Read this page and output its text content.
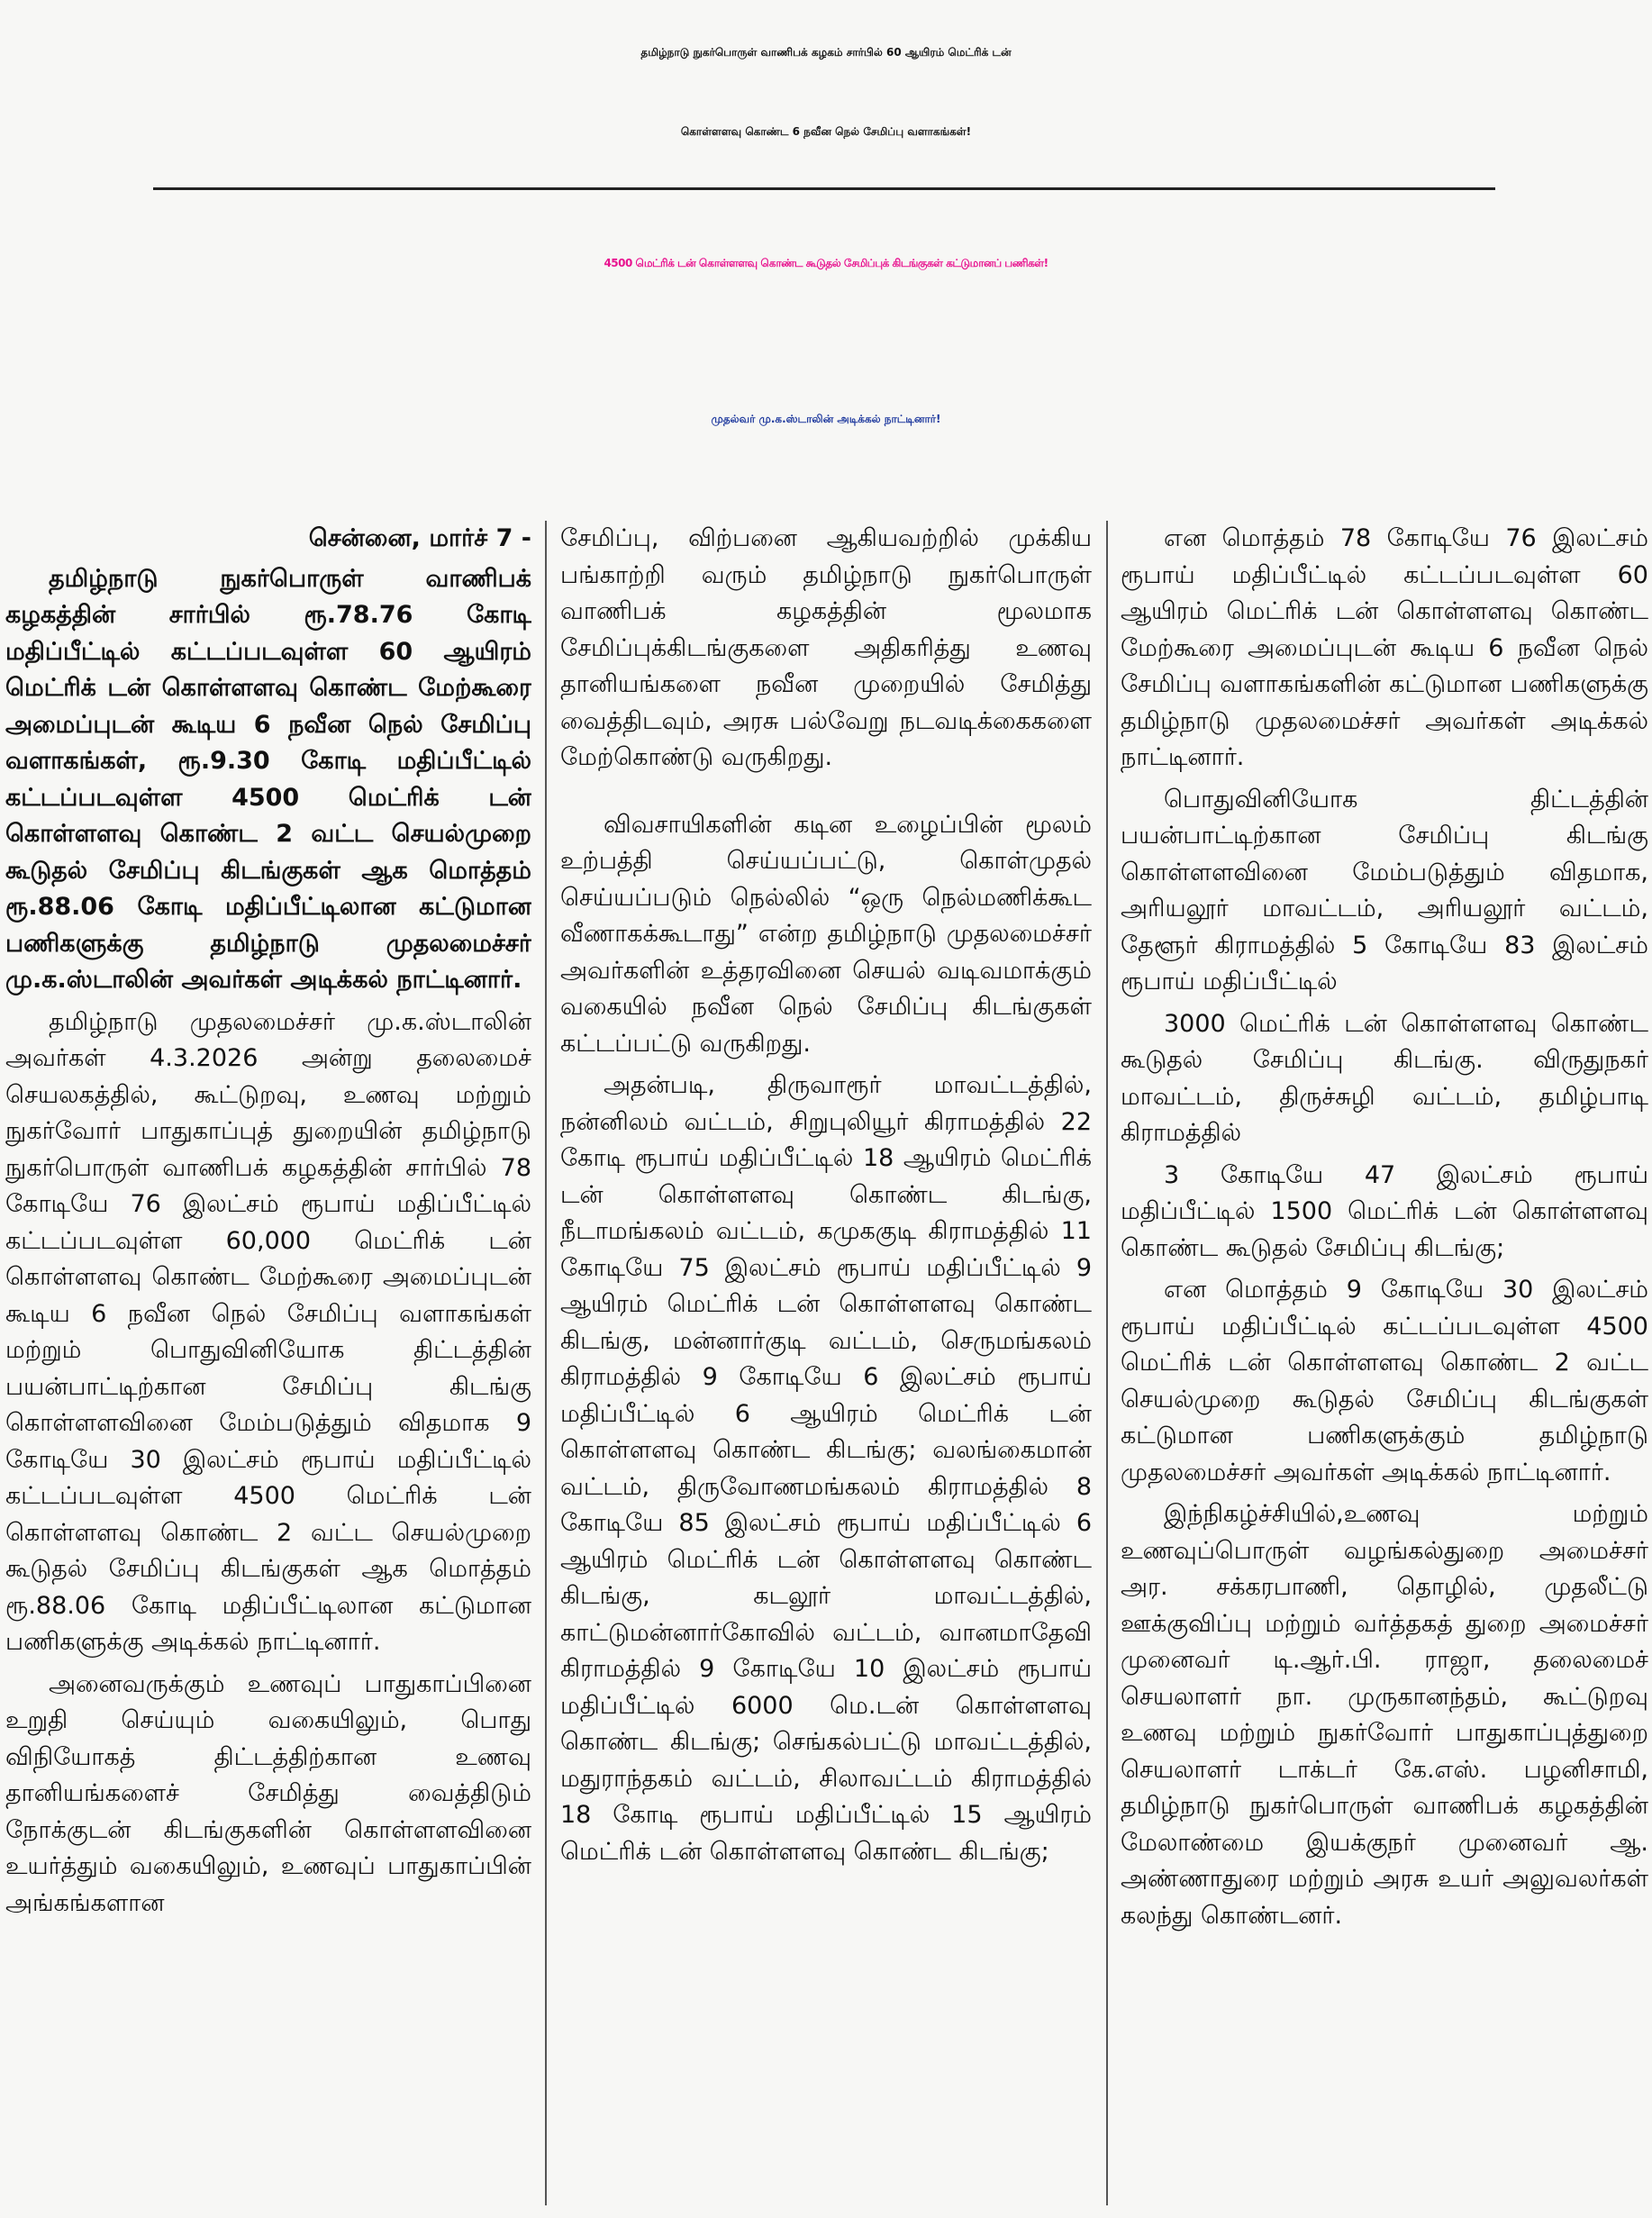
தமிழ்நாடு நுகர்பொருள் வாணிபக் கழகம் சார்பில் 60 ஆயிரம் மெட்ரிக் டன்
கொள்ளளவு கொண்ட 6 நவீன நெல் சேமிப்பு வளாகங்கள்!
4500 மெட்ரிக் டன் கொள்ளளவு கொண்ட கூடுதல் சேமிப்புக் கிடங்குகள் கட்டுமானப் பணிகள்!
முதல்வர் மு.க.ஸ்டாலின் அடிக்கல் நாட்டினார்!
சென்னை, மார்ச் 7 -

தமிழ்நாடு நுகர்பொருள் வாணிபக் கழகத்தின் சார்பில் ரூ.78.76 கோடி மதிப்பீட்டில் கட்டப்படவுள்ள 60 ஆயிரம் மெட்ரிக் டன் கொள்ளளவு கொண்ட மேற்கூரை அமைப்புடன் கூடிய 6 நவீன நெல் சேமிப்பு வளாகங்கள், ரூ.9.30 கோடி மதிப்பீட்டில் கட்டப்படவுள்ள 4500 மெட்ரிக் டன் கொள்ளளவு கொண்ட 2 வட்ட செயல்முறை கூடுதல் சேமிப்பு கிடங்குகள் ஆக மொத்தம் ரூ.88.06 கோடி மதிப்பீட்டிலான கட்டுமான பணிகளுக்கு தமிழ்நாடு முதலமைச்சர் மு.க.ஸ்டாலின் அவர்கள் அடிக்கல் நாட்டினார்.

தமிழ்நாடு முதலமைச்சர் மு.க.ஸ்டாலின் அவர்கள் 4.3.2026 அன்று தலைமைச் செயலகத்தில், கூட்டுறவு, உணவு மற்றும் நுகர்வோர் பாதுகாப்புத் துறையின் தமிழ்நாடு நுகர்பொருள் வாணிபக் கழகத்தின் சார்பில் 78 கோடியே 76 இலட்சம் ரூபாய் மதிப்பீட்டில் கட்டப்படவுள்ள 60,000 மெட்ரிக் டன் கொள்ளளவு கொண்ட மேற்கூரை அமைப்புடன் கூடிய 6 நவீன நெல் சேமிப்பு வளாகங்கள் மற்றும் பொதுவினியோக திட்டத்தின் பயன்பாட்டிற்கான சேமிப்பு கிடங்கு கொள்ளளவினை மேம்படுத்தும் விதமாக 9 கோடியே 30 இலட்சம் ரூபாய் மதிப்பீட்டில் கட்டப்படவுள்ள 4500 மெட்ரிக் டன் கொள்ளளவு கொண்ட 2 வட்ட செயல்முறை கூடுதல் சேமிப்பு கிடங்குகள் ஆக மொத்தம் ரூ.88.06 கோடி மதிப்பீட்டிலான கட்டுமான பணிகளுக்கு அடிக்கல் நாட்டினார்.

அனைவருக்கும் உணவுப் பாதுகாப்பினை உறுதி செய்யும் வகையிலும், பொது விநியோகத் திட்டத்திற்கான உணவு தானியங்களைச் சேமித்து வைத்திடும் நோக்குடன் கிடங்குகளின் கொள்ளளவினை உயர்த்தும் வகையிலும், உணவுப் பாதுகாப்பின் அங்கங்களான

சேமிப்பு, விற்பனை ஆகியவற்றில் முக்கிய பங்காற்றி வரும் தமிழ்நாடு நுகர்பொருள் வாணிபக் கழகத்தின் மூலமாக சேமிப்புக்கிடங்குகளை அதிகரித்து உணவு தானியங்களை நவீன முறையில் சேமித்து வைத்திடவும், அரசு பல்வேறு நடவடிக்கைகளை மேற்கொண்டு வருகிறது.

விவசாயிகளின் கடின உழைப்பின் மூலம் உற்பத்தி செய்யப்பட்டு, கொள்முதல் செய்யப்படும் நெல்லில் “ஒரு நெல்மணிக்கூட வீணாகக்கூடாது” என்ற தமிழ்நாடு முதலமைச்சர் அவர்களின் உத்தரவினை செயல் வடிவமாக்கும் வகையில் நவீன நெல் சேமிப்பு கிடங்குகள் கட்டப்பட்டு வருகிறது.

அதன்படி, திருவாரூர் மாவட்டத்தில், நன்னிலம் வட்டம், சிறுபுலியூர் கிராமத்தில் 22 கோடி ரூபாய் மதிப்பீட்டில் 18 ஆயிரம் மெட்ரிக் டன் கொள்ளளவு கொண்ட கிடங்கு, நீடாமங்கலம் வட்டம், கமுககுடி கிராமத்தில் 11 கோடியே 75 இலட்சம் ரூபாய் மதிப்பீட்டில் 9 ஆயிரம் மெட்ரிக் டன் கொள்ளளவு கொண்ட கிடங்கு, மன்னார்குடி வட்டம், செருமங்கலம் கிராமத்தில் 9 கோடியே 6 இலட்சம் ரூபாய் மதிப்பீட்டில் 6 ஆயிரம் மெட்ரிக் டன் கொள்ளளவு கொண்ட கிடங்கு; வலங்கைமான் வட்டம், திருவோணமங்கலம் கிராமத்தில் 8 கோடியே 85 இலட்சம் ரூபாய் மதிப்பீட்டில் 6 ஆயிரம் மெட்ரிக் டன் கொள்ளளவு கொண்ட கிடங்கு, கடலூர் மாவட்டத்தில், காட்டுமன்னார்கோவில் வட்டம், வானமாதேவி கிராமத்தில் 9 கோடியே 10 இலட்சம் ரூபாய் மதிப்பீட்டில் 6000 மெ.டன் கொள்ளளவு கொண்ட கிடங்கு; செங்கல்பட்டு மாவட்டத்தில், மதுராந்தகம் வட்டம், சிலாவட்டம் கிராமத்தில் 18 கோடி ரூபாய் மதிப்பீட்டில் 15 ஆயிரம் மெட்ரிக் டன் கொள்ளளவு கொண்ட கிடங்கு;

என மொத்தம் 78 கோடியே 76 இலட்சம் ரூபாய் மதிப்பீட்டில் கட்டப்படவுள்ள 60 ஆயிரம் மெட்ரிக் டன் கொள்ளளவு கொண்ட மேற்கூரை அமைப்புடன் கூடிய 6 நவீன நெல் சேமிப்பு வளாகங்களின் கட்டுமான பணிகளுக்கு தமிழ்நாடு முதலமைச்சர் அவர்கள் அடிக்கல் நாட்டினார்.

பொதுவினியோக திட்டத்தின் பயன்பாட்டிற்கான சேமிப்பு கிடங்கு கொள்ளளவினை மேம்படுத்தும் விதமாக, அரியலூர் மாவட்டம், அரியலூர் வட்டம், தேளூர் கிராமத்தில் 5 கோடியே 83 இலட்சம் ரூபாய் மதிப்பீட்டில்

3000 மெட்ரிக் டன் கொள்ளளவு கொண்ட கூடுதல் சேமிப்பு கிடங்கு. விருதுநகர் மாவட்டம், திருச்சுழி வட்டம், தமிழ்பாடி கிராமத்தில்

3 கோடியே 47 இலட்சம் ரூபாய் மதிப்பீட்டில் 1500 மெட்ரிக் டன் கொள்ளளவு கொண்ட கூடுதல் சேமிப்பு கிடங்கு;

என மொத்தம் 9 கோடியே 30 இலட்சம் ரூபாய் மதிப்பீட்டில் கட்டப்படவுள்ள 4500 மெட்ரிக் டன் கொள்ளளவு கொண்ட 2 வட்ட செயல்முறை கூடுதல் சேமிப்பு கிடங்குகள் கட்டுமான பணிகளுக்கும் தமிழ்நாடு முதலமைச்சர் அவர்கள் அடிக்கல் நாட்டினார்.

இந்நிகழ்ச்சியில்,உணவு மற்றும் உணவுப்பொருள் வழங்கல்துறை அமைச்சர் அர. சக்கரபாணி, தொழில், முதலீட்டு ஊக்குவிப்பு மற்றும் வர்த்தகத் துறை அமைச்சர் முனைவர் டி.ஆர்.பி. ராஜா, தலைமைச் செயலாளர் நா. முருகானந்தம், கூட்டுறவு உணவு மற்றும் நுகர்வோர் பாதுகாப்புத்துறை செயலாளர் டாக்டர் கே.எஸ். பழனிசாமி, தமிழ்நாடு நுகர்பொருள் வாணிபக் கழகத்தின் மேலாண்மை இயக்குநர் முனைவர் ஆ. அண்ணாதுரை மற்றும் அரசு உயர் அலுவலர்கள் கலந்து கொண்டனர்.
